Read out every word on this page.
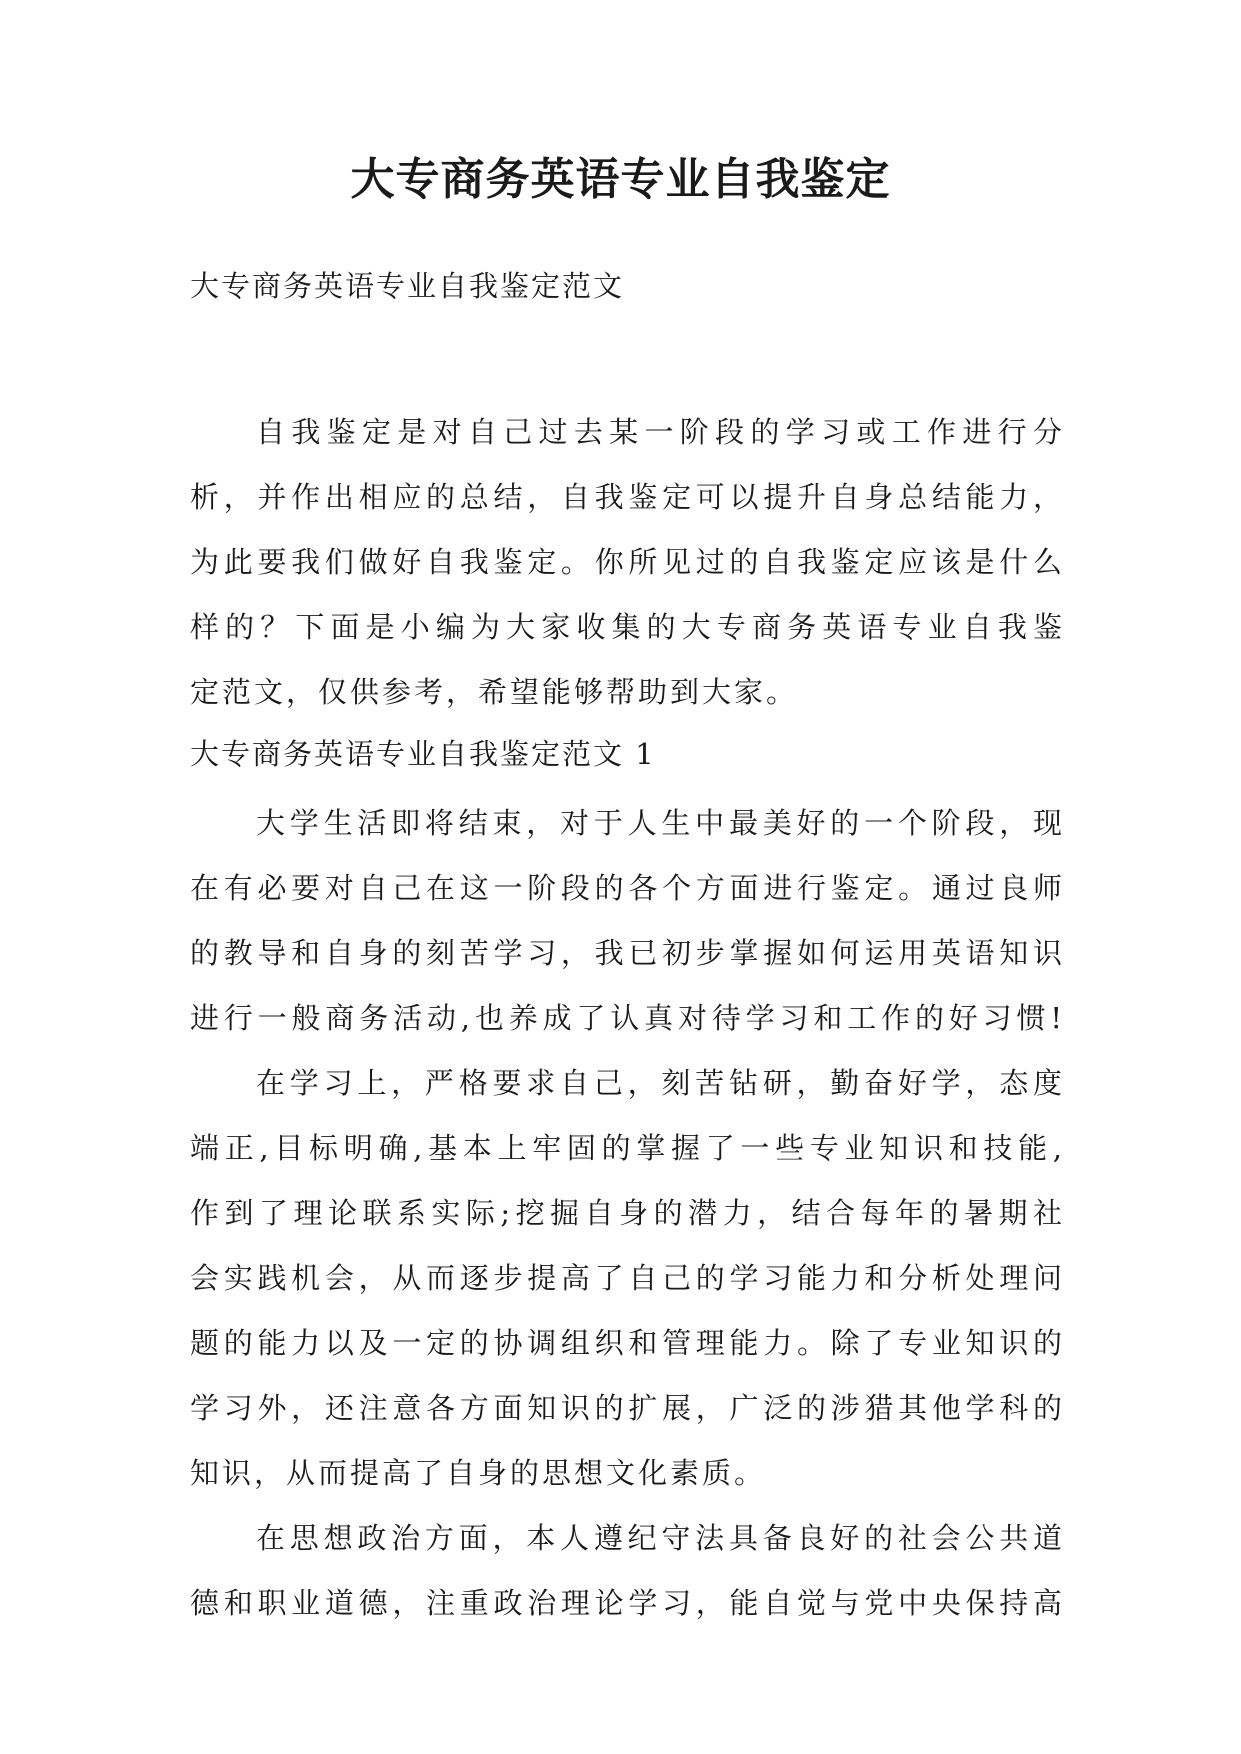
大专商务英语专业自我鉴定

大专商务英语专业自我鉴定范文

自我鉴定是对自己过去某一阶段的学习或工作进行分
析，并作出相应的总结，自我鉴定可以提升自身总结能力，
为此要我们做好自我鉴定。你所见过的自我鉴定应该是什么
样的？下面是小编为大家收集的大专商务英语专业自我鉴
定范文，仅供参考，希望能够帮助到大家。

大专商务英语专业自我鉴定范文 1

大学生活即将结束，对于人生中最美好的一个阶段，现
在有必要对自己在这一阶段的各个方面进行鉴定。通过良师
的教导和自身的刻苦学习，我已初步掌握如何运用英语知识
进行一般商务活动,也养成了认真对待学习和工作的好习惯!
在学习上，严格要求自己，刻苦钻研，勤奋好学，态度
端正,目标明确,基本上牢固的掌握了一些专业知识和技能,
作到了理论联系实际;挖掘自身的潜力，结合每年的暑期社
会实践机会，从而逐步提高了自己的学习能力和分析处理问
题的能力以及一定的协调组织和管理能力。除了专业知识的
学习外，还注意各方面知识的扩展，广泛的涉猎其他学科的
知识，从而提高了自身的思想文化素质。
在思想政治方面，本人遵纪守法具备良好的社会公共道
德和职业道德，注重政治理论学习，能自觉与党中央保持高
